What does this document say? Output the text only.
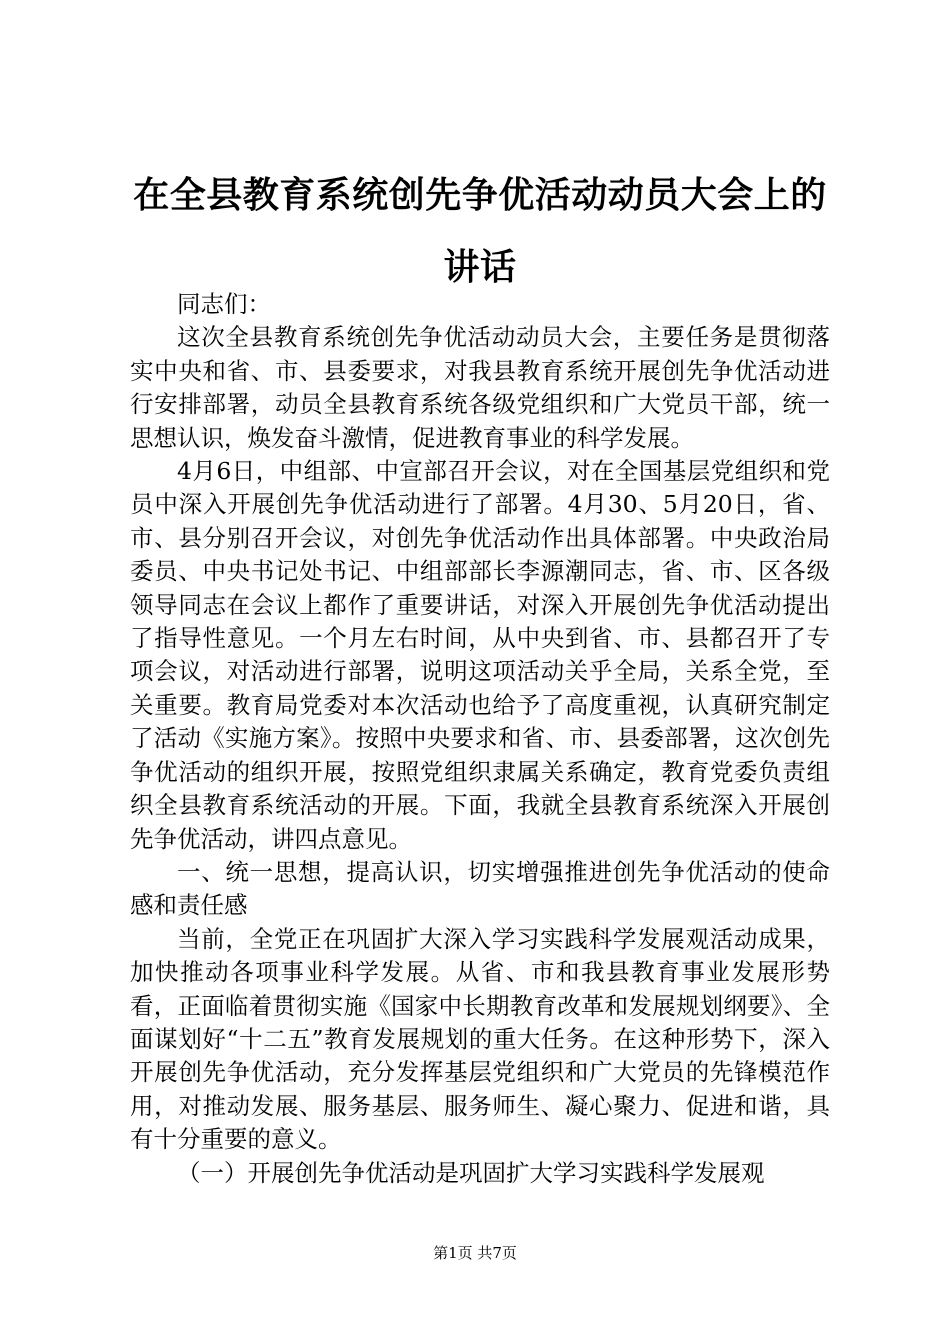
在全县教育系统创先争优活动动员大会上的讲话

同志们：

这次全县教育系统创先争优活动动员大会，主要任务是贯彻落实中央和省、市、县委要求，对我县教育系统开展创先争优活动进行安排部署，动员全县教育系统各级党组织和广大党员干部，统一思想认识，焕发奋斗激情，促进教育事业的科学发展。

4月6日，中组部、中宣部召开会议，对在全国基层党组织和党员中深入开展创先争优活动进行了部署。4月30、5月20日，省、市、县分别召开会议，对创先争优活动作出具体部署。中央政治局委员、中央书记处书记、中组部部长李源潮同志，省、市、区各级领导同志在会议上都作了重要讲话，对深入开展创先争优活动提出了指导性意见。一个月左右时间，从中央到省、市、县都召开了专项会议，对活动进行部署，说明这项活动关乎全局，关系全党，至关重要。教育局党委对本次活动也给予了高度重视，认真研究制定了活动《实施方案》。按照中央要求和省、市、县委部署，这次创先争优活动的组织开展，按照党组织隶属关系确定，教育党委负责组织全县教育系统活动的开展。下面，我就全县教育系统深入开展创先争优活动，讲四点意见。

一、统一思想，提高认识，切实增强推进创先争优活动的使命感和责任感

当前，全党正在巩固扩大深入学习实践科学发展观活动成果，加快推动各项事业科学发展。从省、市和我县教育事业发展形势看，正面临着贯彻实施《国家中长期教育改革和发展规划纲要》、全面谋划好“十二五”教育发展规划的重大任务。在这种形势下，深入开展创先争优活动，充分发挥基层党组织和广大党员的先锋模范作用，对推动发展、服务基层、服务师生、凝心聚力、促进和谐，具有十分重要的意义。

（一）开展创先争优活动是巩固扩大学习实践科学发展观

第1页 共7页
